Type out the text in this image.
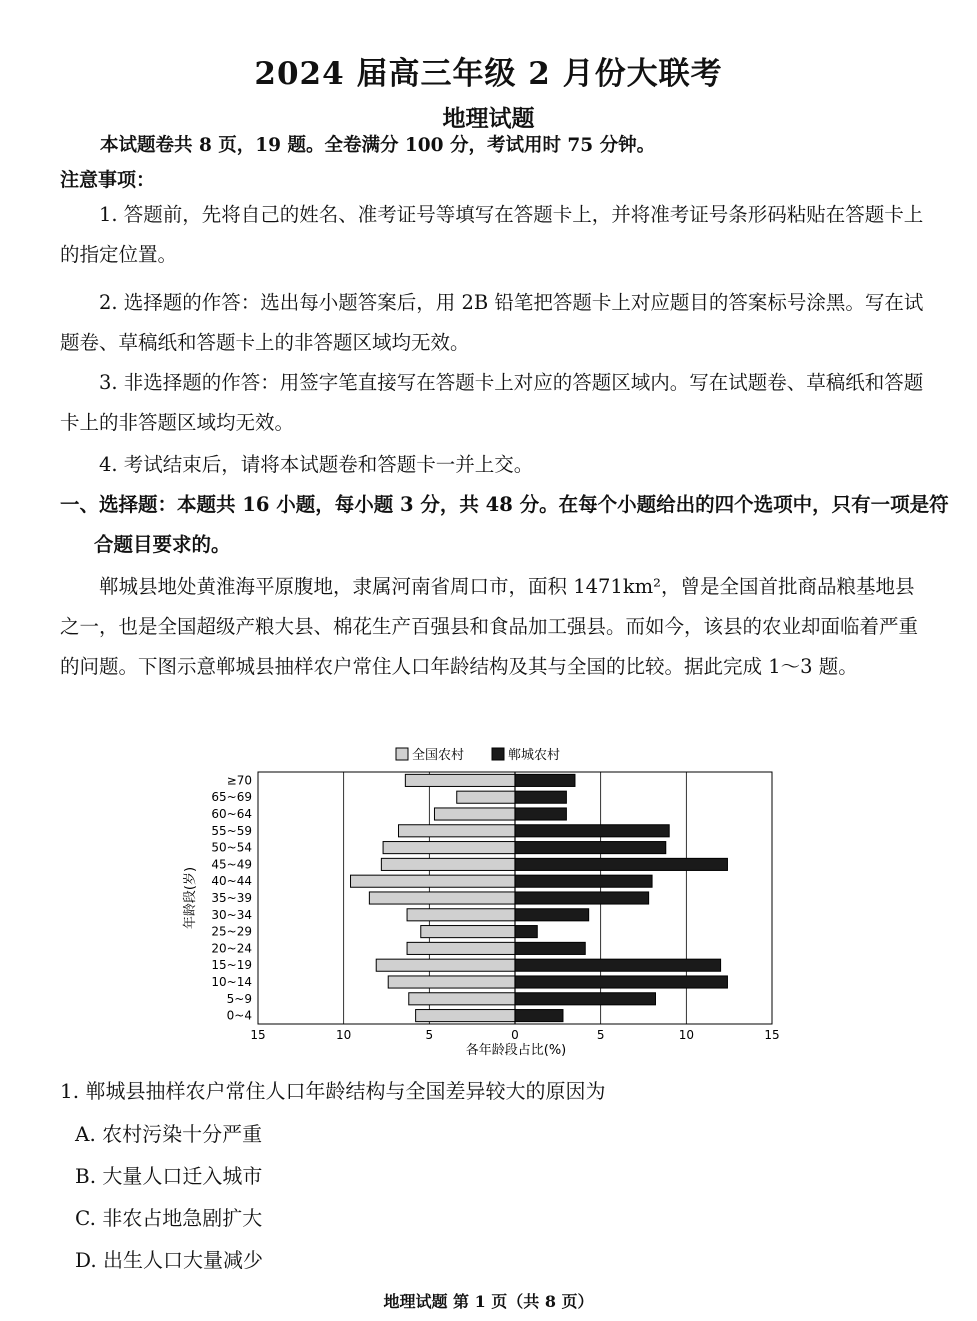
2024 届高三年级 2 月份大联考
地理试题
本试题卷共 8 页，19 题。全卷满分 100 分，考试用时 75 分钟。
注意事项：
1. 答题前，先将自己的姓名、准考证号等填写在答题卡上，并将准考证号条形码粘贴在答题卡上的指定位置。
2. 选择题的作答：选出每小题答案后，用 2B 铅笔把答题卡上对应题目的答案标号涂黑。写在试题卷、草稿纸和答题卡上的非答题区域均无效。
3. 非选择题的作答：用签字笔直接写在答题卡上对应的答题区域内。写在试题卷、草稿纸和答题卡上的非答题区域均无效。
4. 考试结束后，请将本试题卷和答题卡一并上交。
一、选择题：本题共 16 小题，每小题 3 分，共 48 分。在每个小题给出的四个选项中，只有一项是符合题目要求的。
郸城县地处黄淮海平原腹地，隶属河南省周口市，面积 1471km²，曾是全国首批商品粮基地县之一，也是全国超级产粮大县、棉花生产百强县和食品加工强县。而如今，该县的农业却面临着严重的问题。下图示意郸城县抽样农户常住人口年龄结构及其与全国的比较。据此完成 1～3 题。
全国农村	郸城农村
0~4
5~9
10~14
15~19
20~24
25~29
30~34
35~39
40~44
45~49
50~54
55~59
60~64
65~69
≥70
15	10	5	0	5	10	15
年龄段(岁)
各年龄段占比(%)
1. 郸城县抽样农户常住人口年龄结构与全国差异较大的原因为
A. 农村污染十分严重
B. 大量人口迁入城市
C. 非农占地急剧扩大
D. 出生人口大量减少
地理试题 第 1 页（共 8 页）
